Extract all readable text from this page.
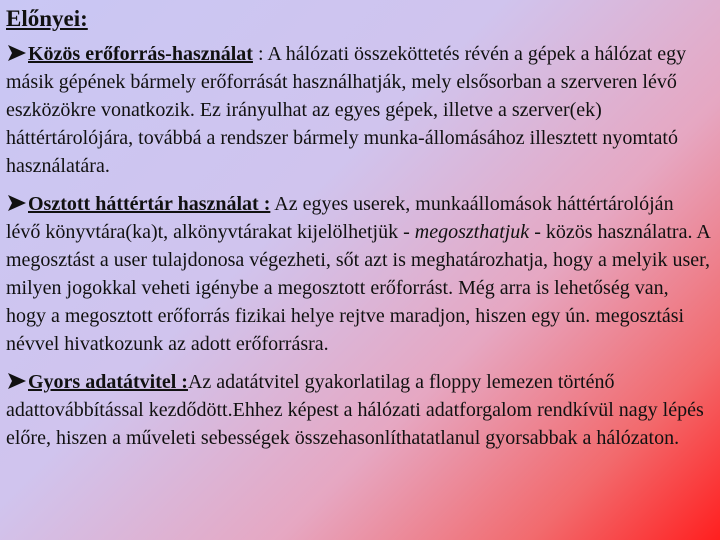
Előnyei:
Közös erőforrás-használat : A hálózati összeköttetés révén a gépek a hálózat egy másik gépének bármely erőforrását használhatják, mely elsősorban a szerveren lévő eszközökre vonatkozik. Ez irányulhat az egyes gépek, illetve a szerver(ek) háttértárolójára, továbbá a rendszer bármely munka-állomásához illesztett nyomtató használatára.
Osztott háttértár használat : Az egyes userek, munkaállomások háttértárolóján lévő könyvtára(ka)t, alkönyvtárakat kijelölhetjük - megoszthatjuk - közös használatra. A megosztást a user tulajdonosa végezheti, sőt azt is meghatározhatja, hogy a melyik user, milyen jogokkal veheti igénybe a megosztott erőforrást. Még arra is lehetőség van, hogy a megosztott erőforrás fizikai helye rejtve maradjon, hiszen egy ún. megosztási névvel hivatkozunk az adott erőforrásra.
Gyors adatátvitel :Az adatátvitel gyakorlatilag a floppy lemezen történő adattovábbítással kezdődött.Ehhez képest a hálózati adatforgalom rendkívül nagy lépés előre, hiszen a műveleti sebességek összehasonlíthatatlanul gyorsabbak a hálózaton.
